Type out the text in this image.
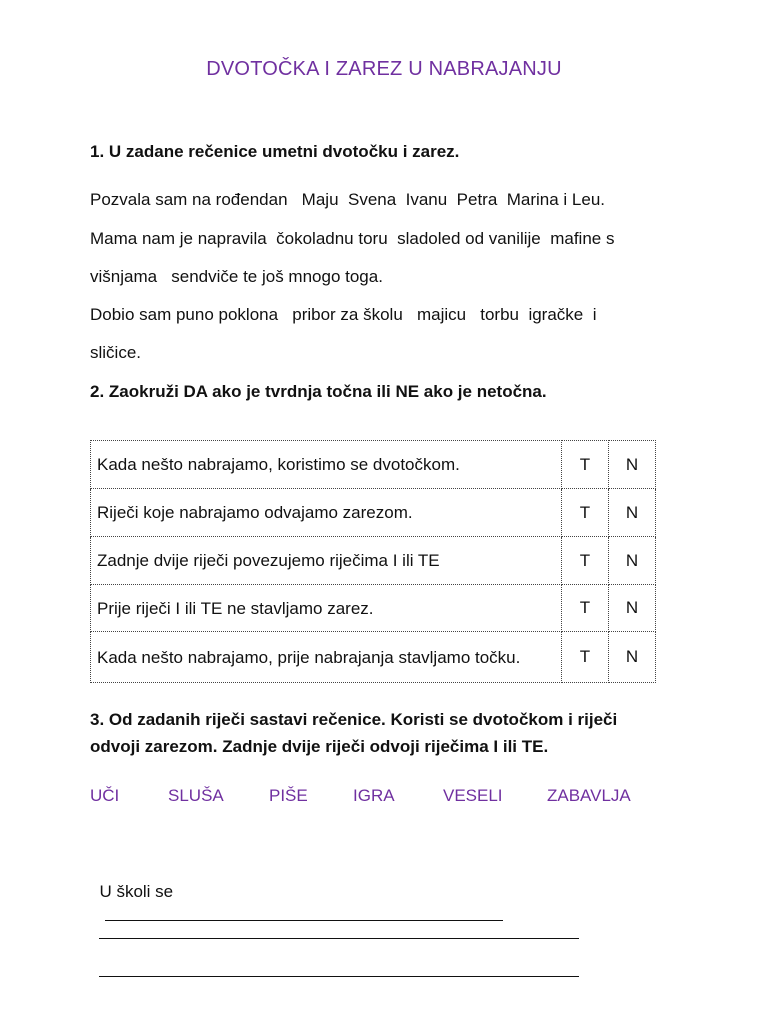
DVOTOČKA I ZAREZ U NABRAJANJU
1. U zadane rečenice umetni dvotočku i zarez.
Pozvala sam na rođendan   Maju  Svena  Ivanu  Petra  Marina i Leu.
Mama nam je napravila  čokoladnu toru  sladoled od vanilije  mafine s
višnjama   sendviče te još mnogo toga.
Dobio sam puno poklona   pribor za školu   majicu   torbu  igračke  i
sličice.
2. Zaokruži DA ako je tvrdnja točna ili NE ako je netočna.
Kada nešto nabrajamo, koristimo se dvotočkom.	T	N
Riječi koje nabrajamo odvajamo zarezom.	T	N
Zadnje dvije riječi povezujemo riječima I ili TE	T	N
Prije riječi I ili TE ne stavljamo zarez.	T	N
Kada nešto nabrajamo, prije nabrajanja stavljamo točku.	T	N
3. Od zadanih riječi sastavi rečenice. Koristi se dvotočkom i riječi
odvoji zarezom. Zadnje dvije riječi odvoji riječima I ili TE.
UČI	SLUŠA	PIŠE	IGRA	VESELI	ZABAVLJA

U školi se
